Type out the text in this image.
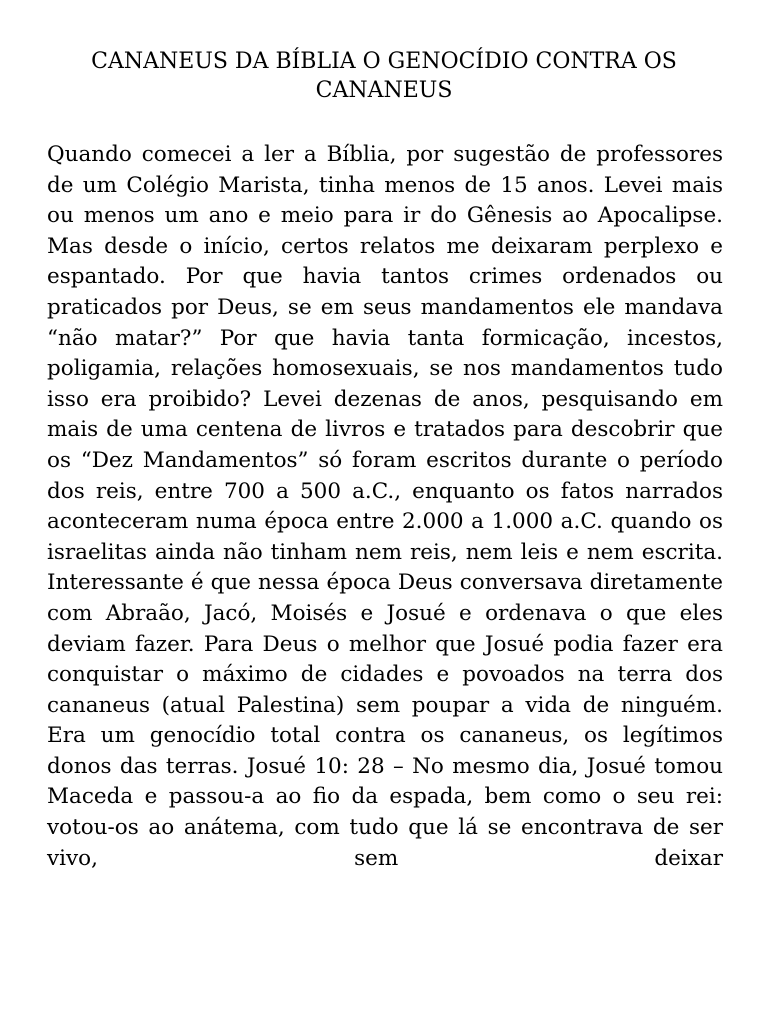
CANANEUS DA BÍBLIA O GENOCÍDIO CONTRA OS CANANEUS

Quando comecei a ler a Bíblia, por sugestão de professores de um Colégio Marista, tinha menos de 15 anos. Levei mais ou menos um ano e meio para ir do Gênesis ao Apocalipse. Mas desde o início, certos relatos me deixaram perplexo e espantado. Por que havia tantos crimes ordenados ou praticados por Deus, se em seus mandamentos ele mandava “não matar?” Por que havia tanta formicação, incestos, poligamia, relações homosexuais, se nos mandamentos tudo isso era proibido? Levei dezenas de anos, pesquisando em mais de uma centena de livros e tratados para descobrir que os “Dez Mandamentos” só foram escritos durante o período dos reis, entre 700 a 500 a.C., enquanto os fatos narrados aconteceram numa época entre 2.000 a 1.000 a.C. quando os israelitas ainda não tinham nem reis, nem leis e nem escrita. Interessante é que nessa época Deus conversava diretamente com Abraão, Jacó, Moisés e Josué e ordenava o que eles deviam fazer. Para Deus o melhor que Josué podia fazer era conquistar o máximo de cidades e povoados na terra dos cananeus (atual Palestina) sem poupar a vida de ninguém. Era um genocídio total contra os cananeus, os legítimos donos das terras. Josué 10: 28 – No mesmo dia, Josué tomou Maceda e passou-a ao fio da espada, bem como o seu rei: votou-os ao anátema, com tudo que lá se encontrava de ser vivo, sem deixar
